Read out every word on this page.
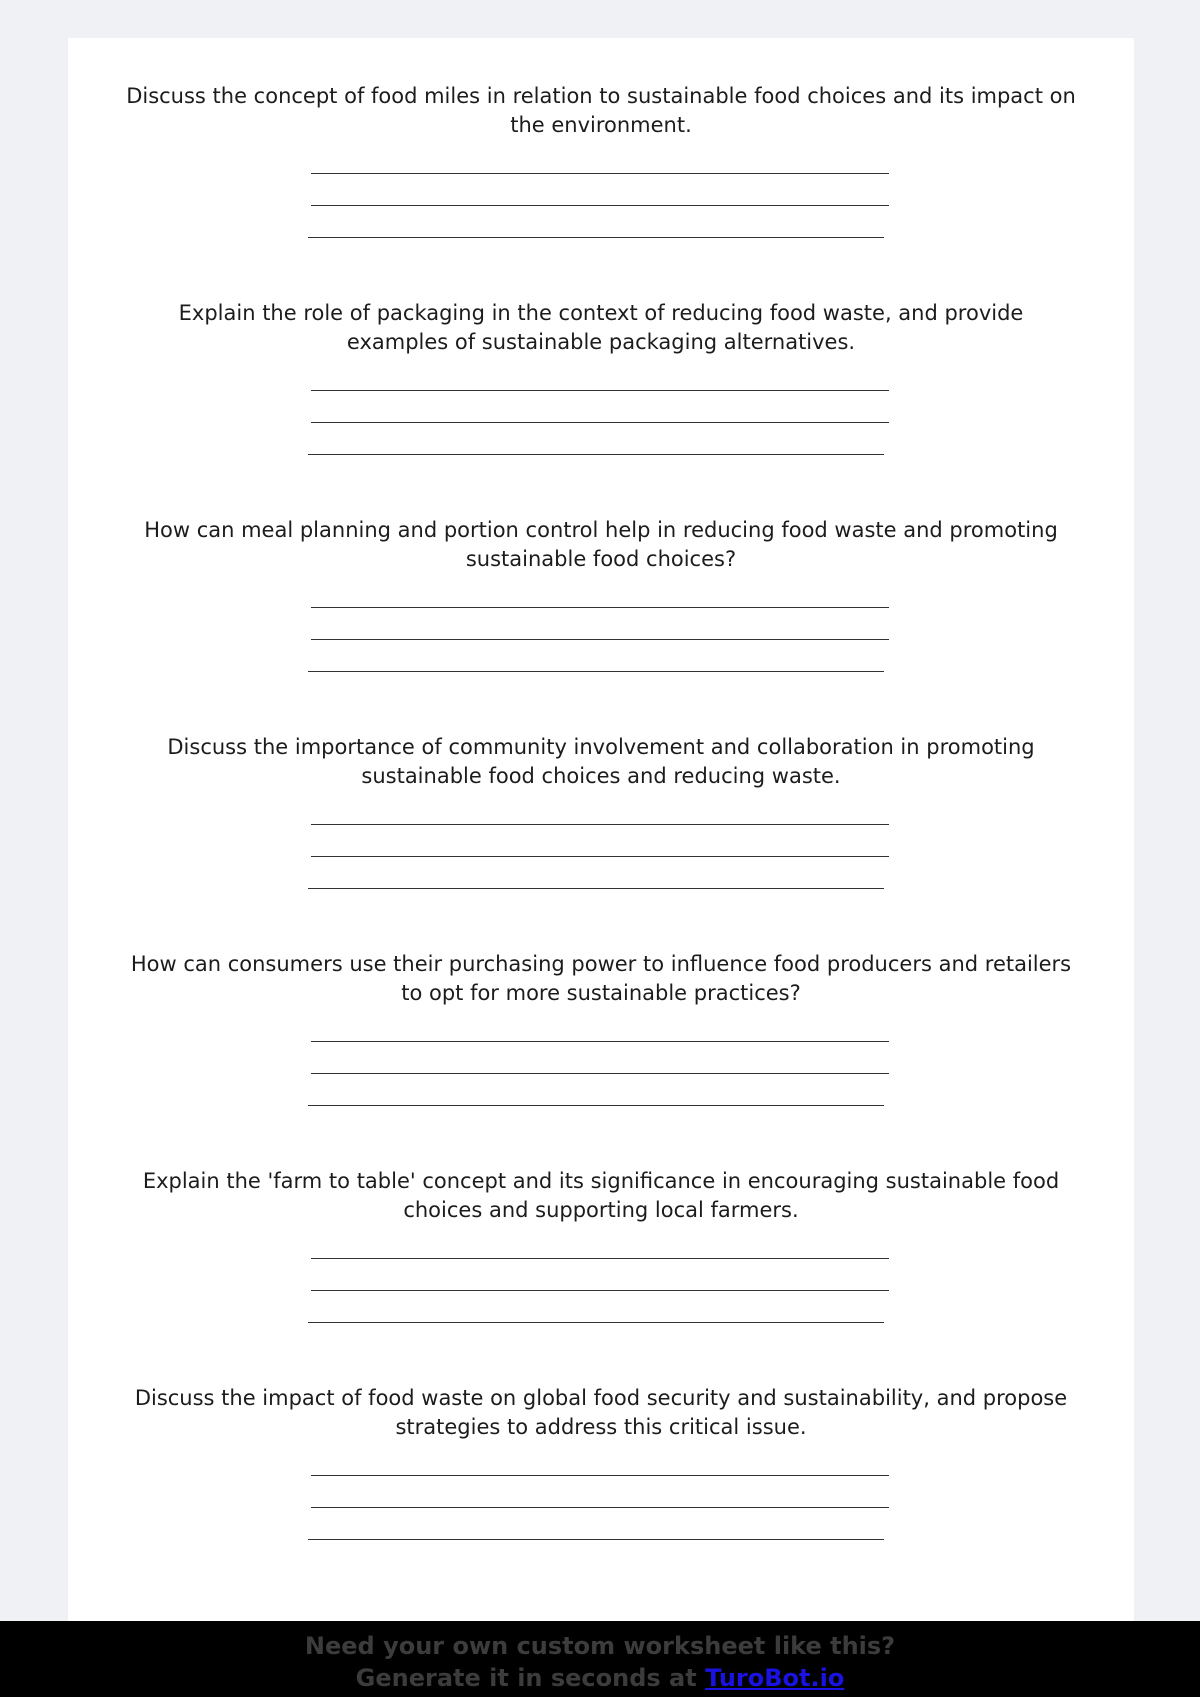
Discuss the concept of food miles in relation to sustainable food choices and its impact on the environment.

Explain the role of packaging in the context of reducing food waste, and provide examples of sustainable packaging alternatives.

How can meal planning and portion control help in reducing food waste and promoting sustainable food choices?

Discuss the importance of community involvement and collaboration in promoting sustainable food choices and reducing waste.

How can consumers use their purchasing power to influence food producers and retailers to opt for more sustainable practices?

Explain the 'farm to table' concept and its significance in encouraging sustainable food choices and supporting local farmers.

Discuss the impact of food waste on global food security and sustainability, and propose strategies to address this critical issue.

Need your own custom worksheet like this?
Generate it in seconds at TuroBot.io
